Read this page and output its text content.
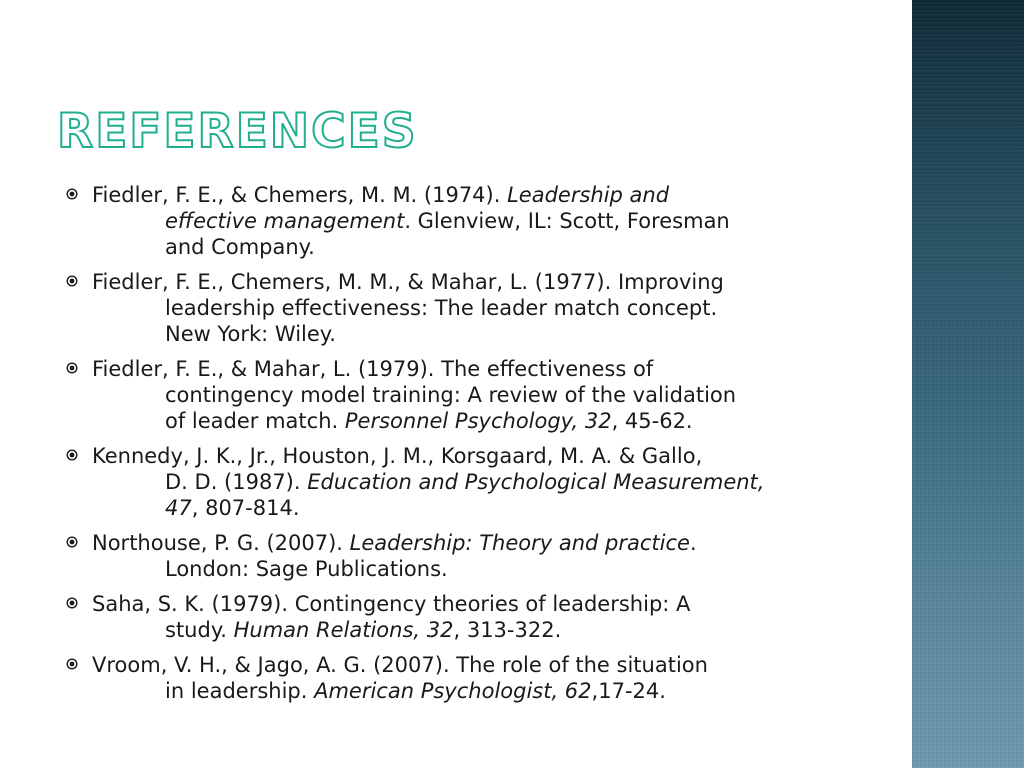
REFERENCES
Fiedler, F. E., & Chemers, M. M. (1974). Leadership and
effective management. Glenview, IL: Scott, Foresman
and Company.
Fiedler, F. E., Chemers, M. M., & Mahar, L. (1977). Improving
leadership effectiveness: The leader match concept.
New York: Wiley.
Fiedler, F. E., & Mahar, L. (1979). The effectiveness of
contingency model training: A review of the validation
of leader match. Personnel Psychology, 32, 45-62.
Kennedy, J. K., Jr., Houston, J. M., Korsgaard, M. A. & Gallo,
D. D. (1987). Education and Psychological Measurement,
47, 807-814.
Northouse, P. G. (2007). Leadership: Theory and practice.
London: Sage Publications.
Saha, S. K. (1979). Contingency theories of leadership: A
study. Human Relations, 32, 313-322.
Vroom, V. H., & Jago, A. G. (2007). The role of the situation
in leadership. American Psychologist, 62,17-24.
